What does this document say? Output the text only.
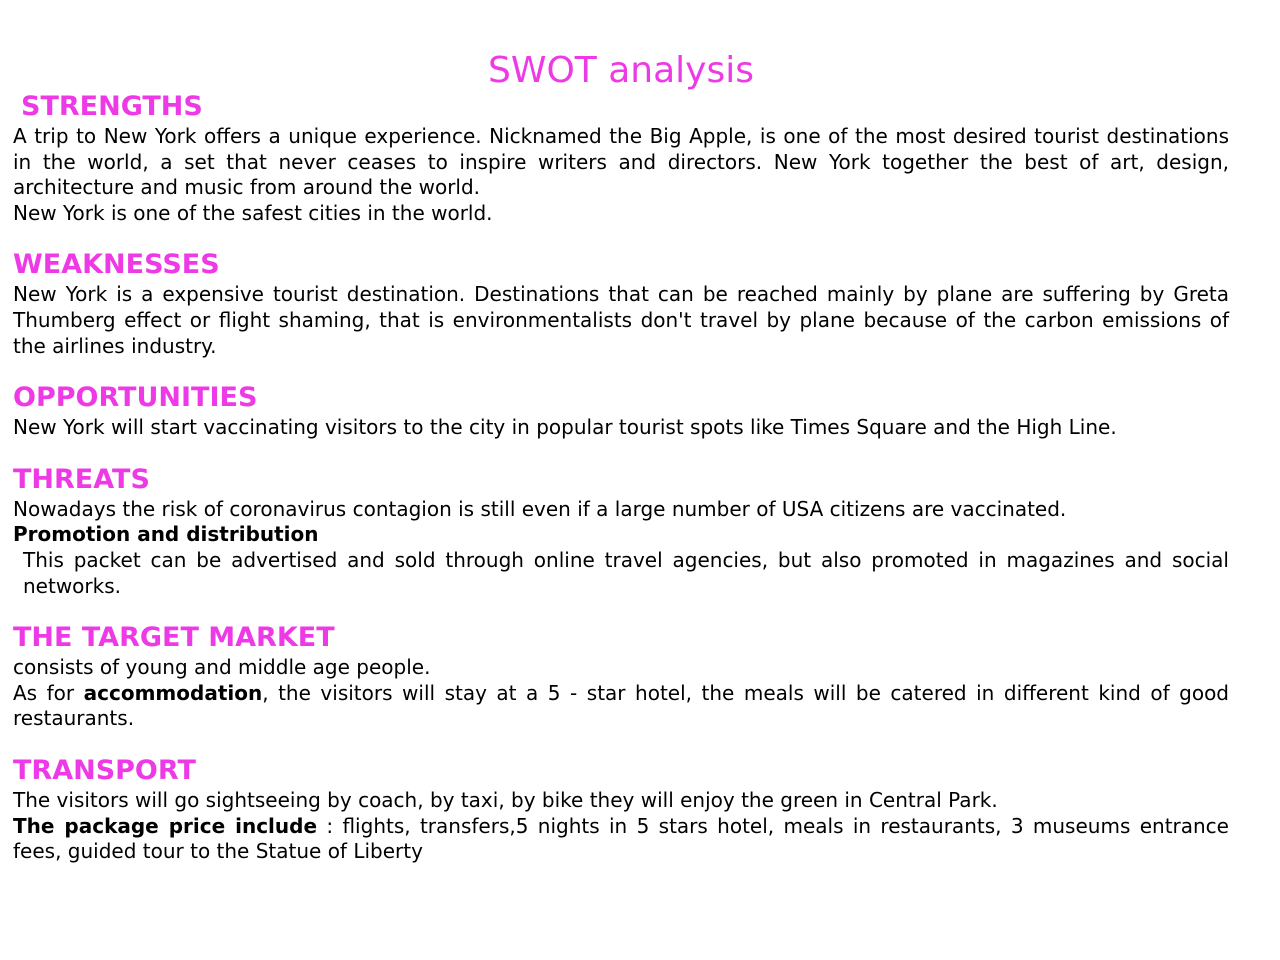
SWOT analysis
STRENGTHS

A trip to New York offers a unique experience. Nicknamed the Big Apple, is one of the most desired tourist destinations in the world, a set that never ceases to inspire writers and directors. New York together the best of art, design, architecture and music from around the world.

New York is one of the safest cities in the world.

WEAKNESSES

New York is a expensive tourist destination. Destinations that can be reached mainly by plane are suffering by Greta Thumberg effect or flight shaming, that is environmentalists don't travel by plane because of the carbon emissions of the airlines industry.

OPPORTUNITIES

New York will start vaccinating visitors to the city in popular tourist spots like Times Square and the High Line.

THREATS

Nowadays the risk of coronavirus contagion is still even if a large number of USA citizens are vaccinated.

Promotion and distribution

This packet can be advertised and sold through online travel agencies, but also promoted in magazines and social networks.

THE TARGET MARKET

consists of young and middle age people.

As for accommodation, the visitors will stay at a 5 - star hotel, the meals will be catered in different kind of good restaurants.

TRANSPORT

The visitors will go sightseeing by coach, by taxi, by bike they will enjoy the green in Central Park.

The package price include : flights, transfers,5 nights in 5 stars hotel, meals in restaurants, 3 museums entrance fees, guided tour to the Statue of Liberty
